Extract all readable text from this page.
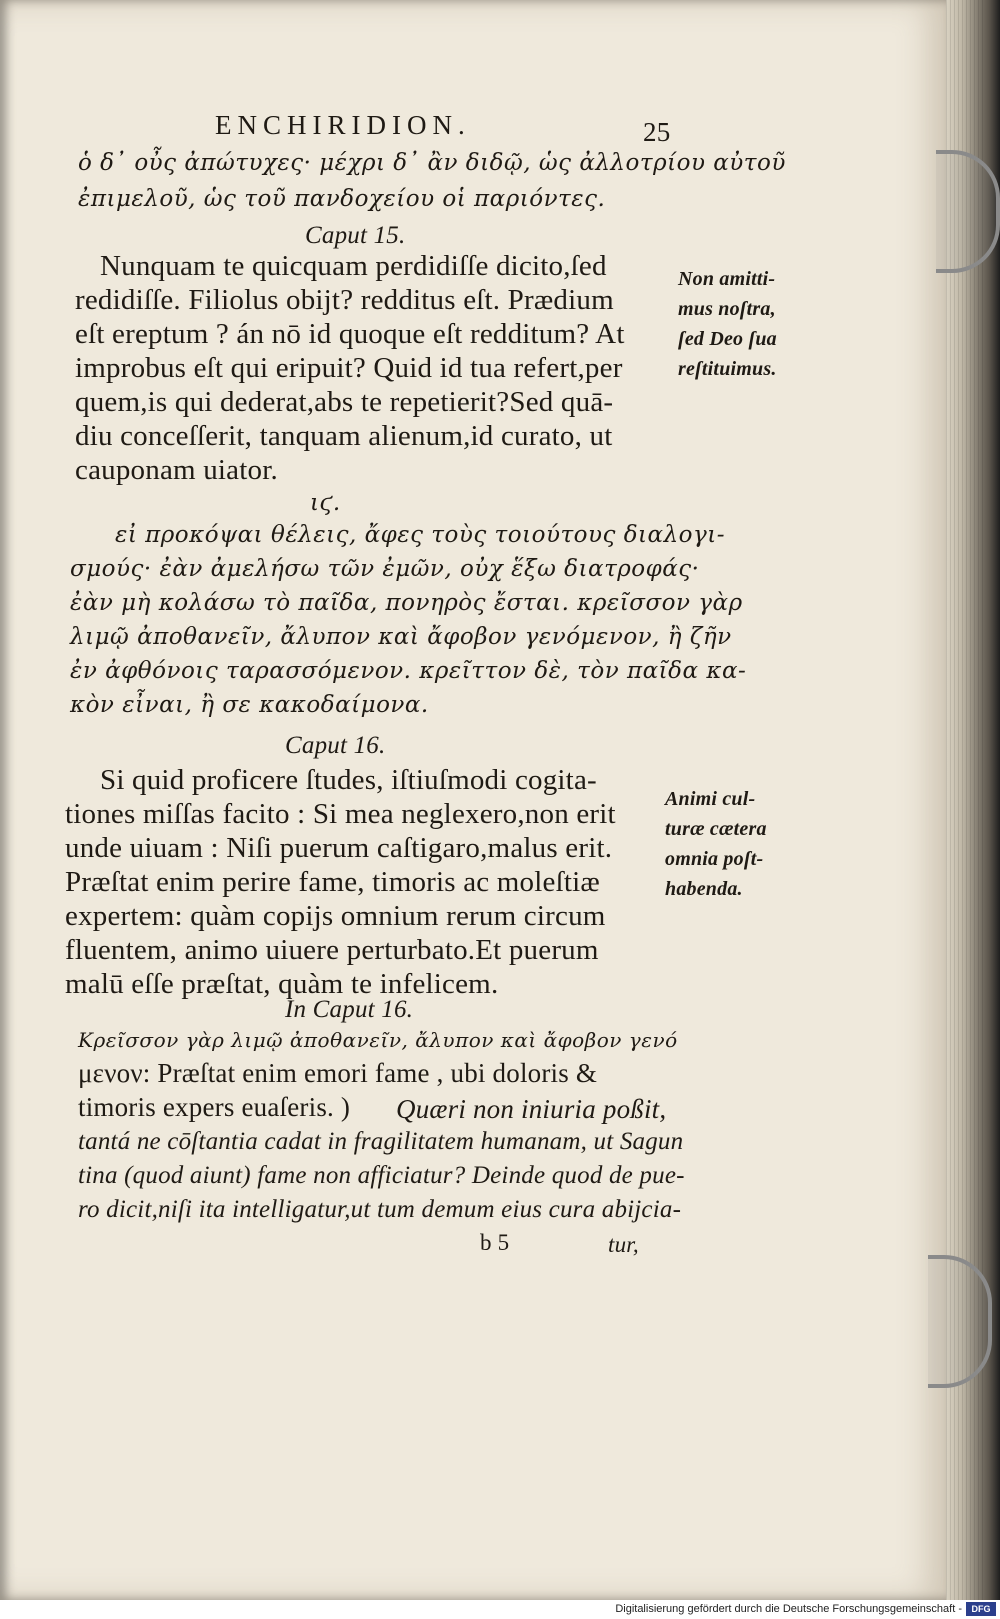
ENCHIRIDION.	25
ὁ δ᾽ οὖς ἀπώτυχες· μέχρι δ᾽ ἂν διδῷ, ὡς ἀλλοτρίου αὐτοῦ
ἐπιμελοῦ, ὡς τοῦ πανδοχείου οἱ παριόντες.
Caput 15.
Nunquam te quicquam perdidiſſe dicito,ſed
redidiſſe. Filiolus obijt? redditus eſt. Prædium
eſt ereptum ? án nō id quoque eſt redditum? At
improbus eſt qui eripuit? Quid id tua refert,per
quem,is qui dederat,abs te repetierit?Sed quā-
diu conceſſerit, tanquam alienum,id curato, ut
cauponam uiator.
Non amitti-
mus noſtra,
ſed Deo ſua
reſtituimus.
ιϛ.
εἰ προκόψαι θέλεις, ἄφες τοὺς τοιούτους διαλογι-
σμούς· ἐὰν ἀμελήσω τῶν ἐμῶν, οὐχ ἕξω διατροφάς·
ἐὰν μὴ κολάσω τὸ παῖδα, πονηρὸς ἔσται. κρεῖσσον γὰρ
λιμῷ ἀποθανεῖν, ἄλυπον καὶ ἄφοβον γενόμενον, ἢ ζῆν
ἐν ἀφθόνοις ταρασσόμενον. κρεῖττον δὲ, τὸν παῖδα κα-
κὸν εἶναι, ἢ σε κακοδαίμονα.
Caput 16.
Si quid proficere ſtudes, iſtiuſmodi cogita-
tiones miſſas facito : Si mea neglexero,non erit
unde uiuam : Niſi puerum caſtigaro,malus erit.
Præſtat enim perire fame, timoris ac moleſtiæ
expertem: quàm copijs omnium rerum circum
fluentem, animo uiuere perturbato.Et puerum
malū eſſe præſtat, quàm te infelicem.
Animi cul-
turæ cætera
omnia poſt-
habenda.
In Caput 16.
Κρεῖσσον γὰρ λιμῷ ἀποθανεῖν, ἄλυπον καὶ ἄφοβον γενό
μενον: Præſtat enim emori fame , ubi doloris &
timoris expers euaſeris. ) Quæri non iniuria poßit,
tantá ne cōſtantia cadat in fragilitatem humanam, ut Sagun
tina (quod aiunt) fame non afficiatur? Deinde quod de pue-
ro dicit,niſi ita intelligatur,ut tum demum eius cura abijcia-
b 5	tur,
Digitalisierung gefördert durch die Deutsche Forschungsgemeinschaft -	DFG
